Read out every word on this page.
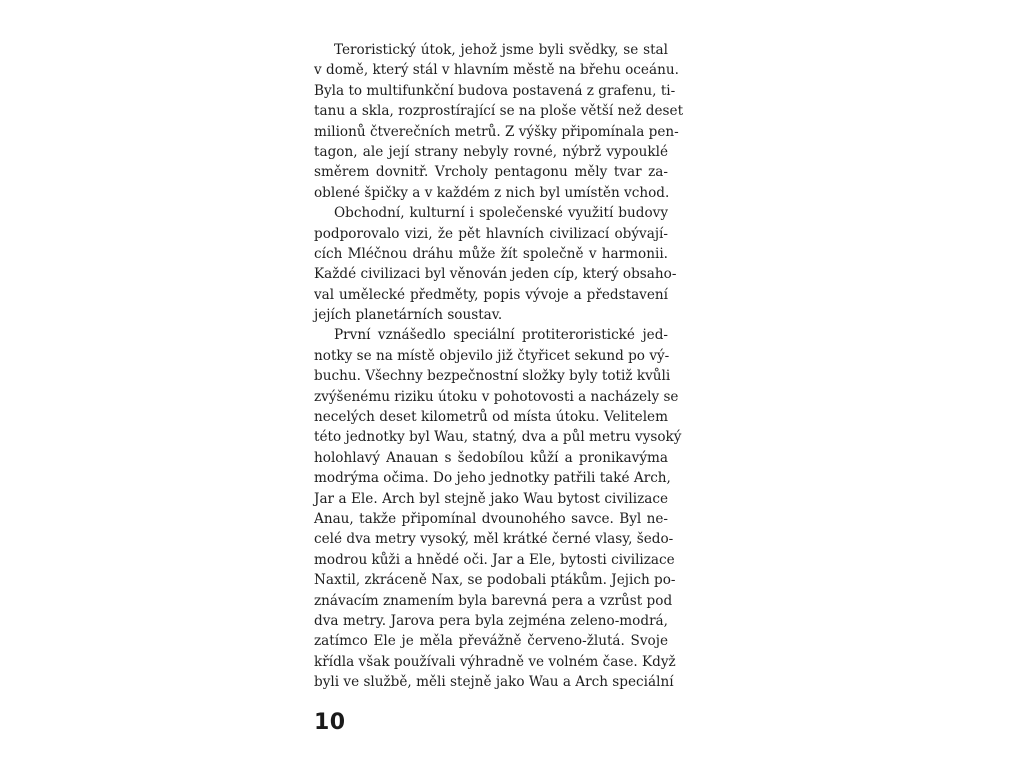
Teroristický útok, jehož jsme byli svědky, se stal
v domě, který stál v hlavním městě na břehu oceánu.
Byla to multifunkční budova postavená z grafenu, ti-
tanu a skla, rozprostírající se na ploše větší než deset
milionů čtverečních metrů. Z výšky připomínala pen-
tagon, ale její strany nebyly rovné, nýbrž vypouklé
směrem dovnitř. Vrcholy pentagonu měly tvar za-
oblené špičky a v každém z nich byl umístěn vchod.
Obchodní, kulturní i společenské využití budovy
podporovalo vizi, že pět hlavních civilizací obývají-
cích Mléčnou dráhu může žít společně v harmonii.
Každé civilizaci byl věnován jeden cíp, který obsaho-
val umělecké předměty, popis vývoje a představení
jejích planetárních soustav.
První vznášedlo speciální protiteroristické jed-
notky se na místě objevilo již čtyřicet sekund po vý-
buchu. Všechny bezpečnostní složky byly totiž kvůli
zvýšenému riziku útoku v pohotovosti a nacházely se
necelých deset kilometrů od místa útoku. Velitelem
této jednotky byl Wau, statný, dva a půl metru vysoký
holohlavý Anauan s šedobílou kůží a pronikavýma
modrýma očima. Do jeho jednotky patřili také Arch,
Jar a Ele. Arch byl stejně jako Wau bytost civilizace
Anau, takže připomínal dvounohého savce. Byl ne-
celé dva metry vysoký, měl krátké černé vlasy, šedo-
modrou kůži a hnědé oči. Jar a Ele, bytosti civilizace
Naxtil, zkráceně Nax, se podobali ptákům. Jejich po-
znávacím znamením byla barevná pera a vzrůst pod
dva metry. Jarova pera byla zejména zeleno-modrá,
zatímco Ele je měla převážně červeno-žlutá. Svoje
křídla však používali výhradně ve volném čase. Když
byli ve službě, měli stejně jako Wau a Arch speciální
10
